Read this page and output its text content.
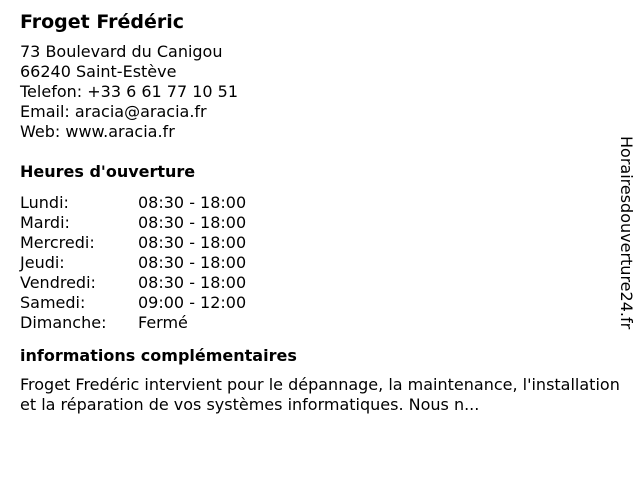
Froget Frédéric
73 Boulevard du Canigou
66240 Saint-Estève
Telefon: +33 6 61 77 10 51
Email: aracia@aracia.fr
Web: www.aracia.fr
Heures d'ouverture
Lundi:	08:30 - 18:00
Mardi:	08:30 - 18:00
Mercredi:	08:30 - 18:00
Jeudi:	08:30 - 18:00
Vendredi:	08:30 - 18:00
Samedi:	09:00 - 12:00
Dimanche: Fermé
informations complémentaires
Froget Fredéric intervient pour le dépannage, la maintenance, l'installation et la réparation de vos systèmes informatiques. Nous n...
Horairesdouverture24.fr
